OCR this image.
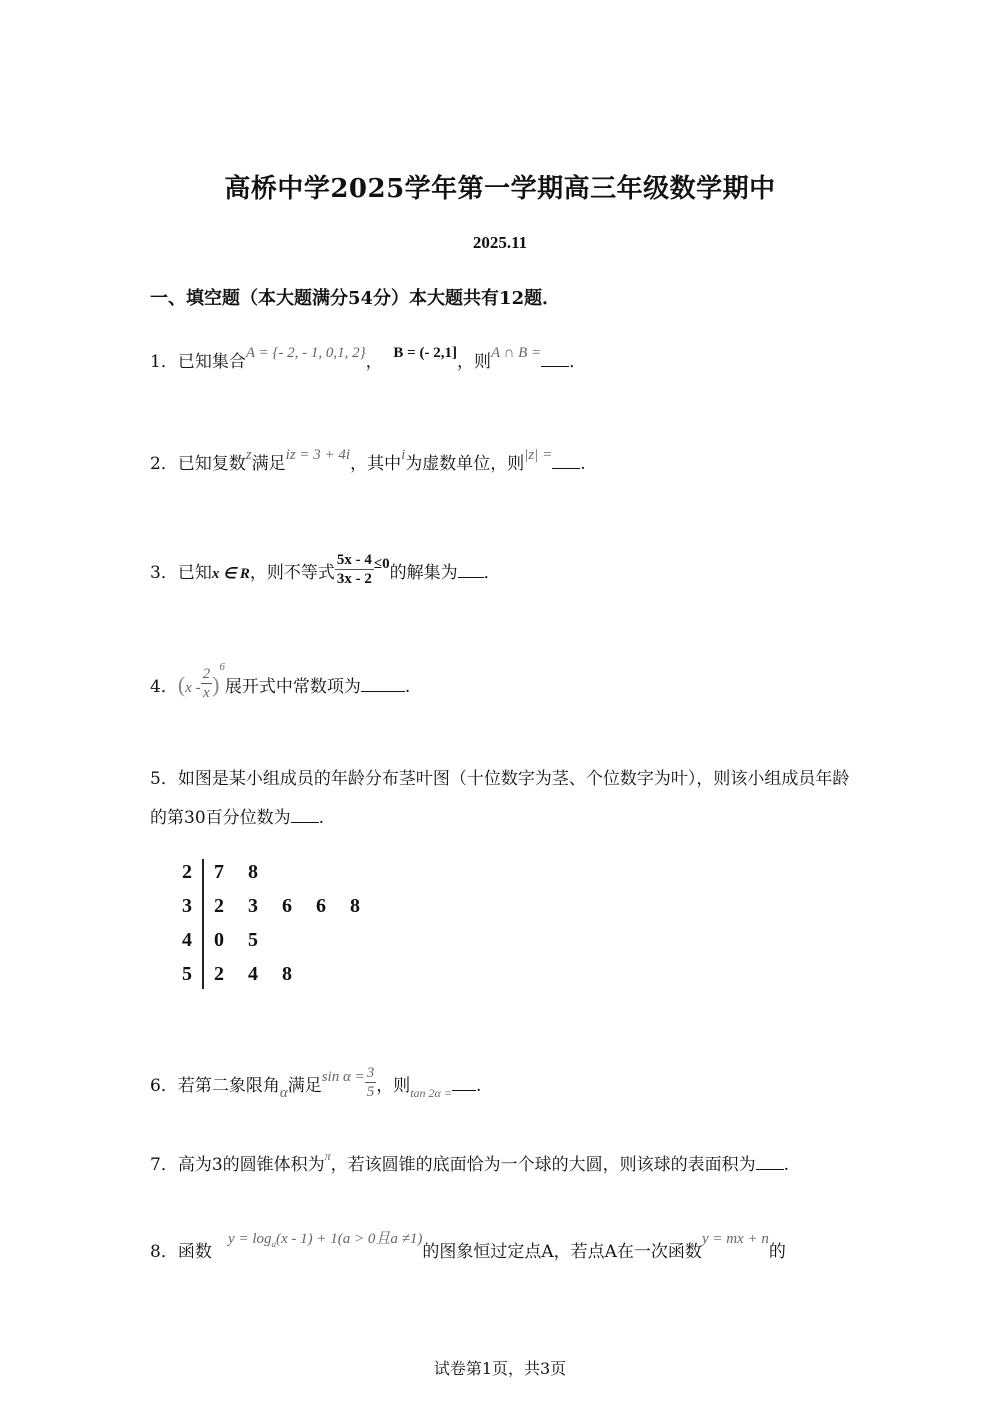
高桥中学2025学年第一学期高三年级数学期中
2025.11
一、填空题（本大题满分54分）本大题共有12题．
1．已知集合A = {- 2, - 1, 0,1, 2}， B = (- 2,1]，则A ∩ B = ．
2．已知复数z满足iz = 3 + 4i，其中i为虚数单位，则|z| = .
3．已知x ∈ R，则不等式 $\frac{5x - 4}{3x - 2} \le 0$的解集为 ．
4．$(x - \frac{2}{x} )^6$展开式中常数项为	.
5．如图是某小组成员的年龄分布茎叶图（十位数字为茎、个位数字为叶），则该小组成员年龄的第30百分位数为 .
2 7 8
3 2 3 6 6 8
4 0 5
5 2 4 8
6．若第二象限角α满足$\sin \alpha = \frac{3}{5}$ ，则$_{tan 2\alpha =}$ .
7．高为3的圆锥体积为$^\pi$，若该圆锥的底面恰为一个球的大圆，则该球的表面积为 .
8．函数   $y = \log_a(x - 1) + 1(a > 0$且a ≠1)的图象恒过定点A，若点A在一次函数y = mx + n的
试卷第1页，共3页
